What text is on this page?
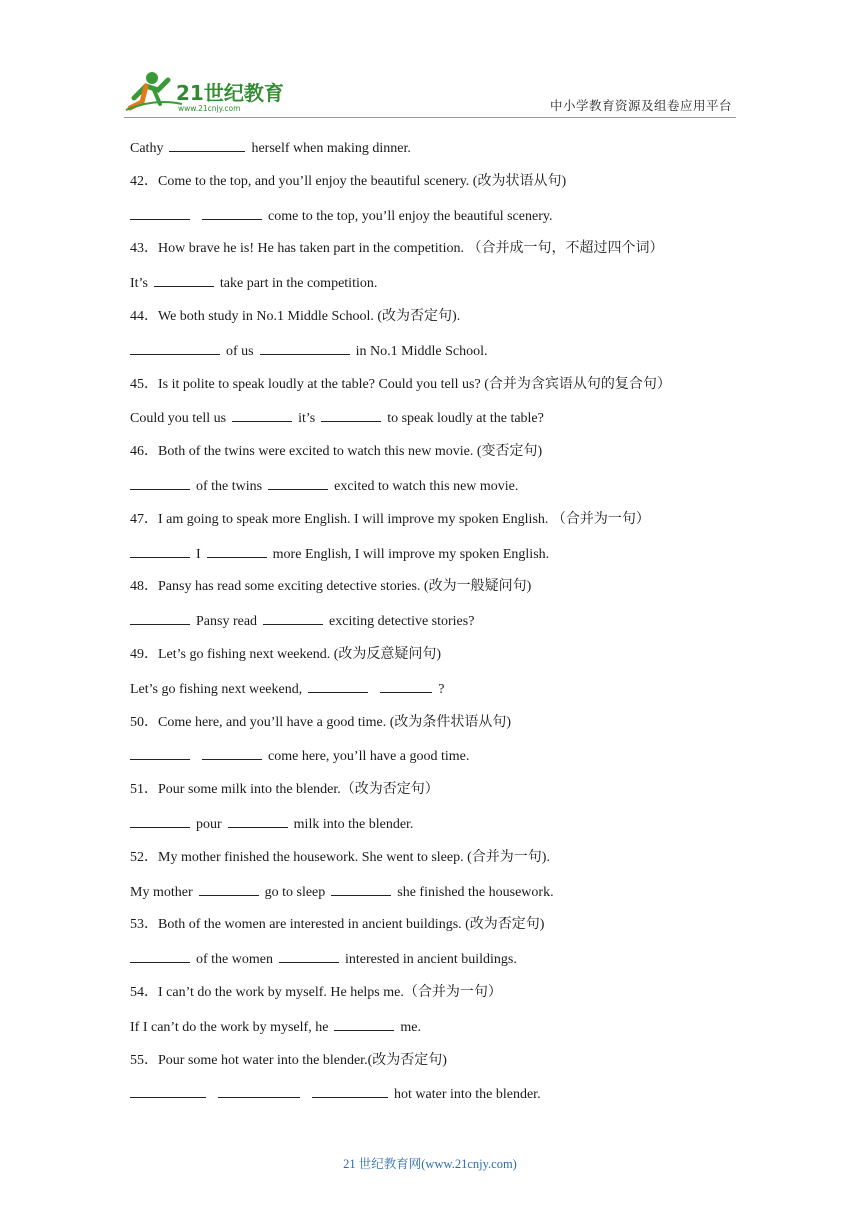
21世纪教育
www.21cnjy.com	中小学教育资源及组卷应用平台
Cathy	herself when making dinner.
42．Come to the top, and you’ll enjoy the beautiful scenery. (改为状语从句)
come to the top, you’ll enjoy the beautiful scenery.
43．How brave he is! He has taken part in the competition. （合并成一句，不超过四个词）
It’s	take part in the competition.
44．We both study in No.1 Middle School. (改为否定句).
of us	in No.1 Middle School.
45．Is it polite to speak loudly at the table? Could you tell us? (合并为含宾语从句的复合句）
Could you tell us	it’s	to speak loudly at the table?
46．Both of the twins were excited to watch this new movie. (变否定句)
of the twins	excited to watch this new movie.
47．I am going to speak more English. I will improve my spoken English. （合并为一句）
I	more English, I will improve my spoken English.
48．Pansy has read some exciting detective stories. (改为一般疑问句)
Pansy read	exciting detective stories?
49．Let’s go fishing next weekend. (改为反意疑问句)
Let’s go fishing next weekend,	?
50．Come here, and you’ll have a good time. (改为条件状语从句)
come here, you’ll have a good time.
51．Pour some milk into the blender.（改为否定句）
pour	milk into the blender.
52．My mother finished the housework. She went to sleep. (合并为一句).
My mother	go to sleep	she finished the housework.
53．Both of the women are interested in ancient buildings. (改为否定句)
of the women	interested in ancient buildings.
54．I can’t do the work by myself. He helps me.（合并为一句）
If I can’t do the work by myself, he	me.
55．Pour some hot water into the blender.(改为否定句)
hot water into the blender.
21 世纪教育网(www.21cnjy.com)
